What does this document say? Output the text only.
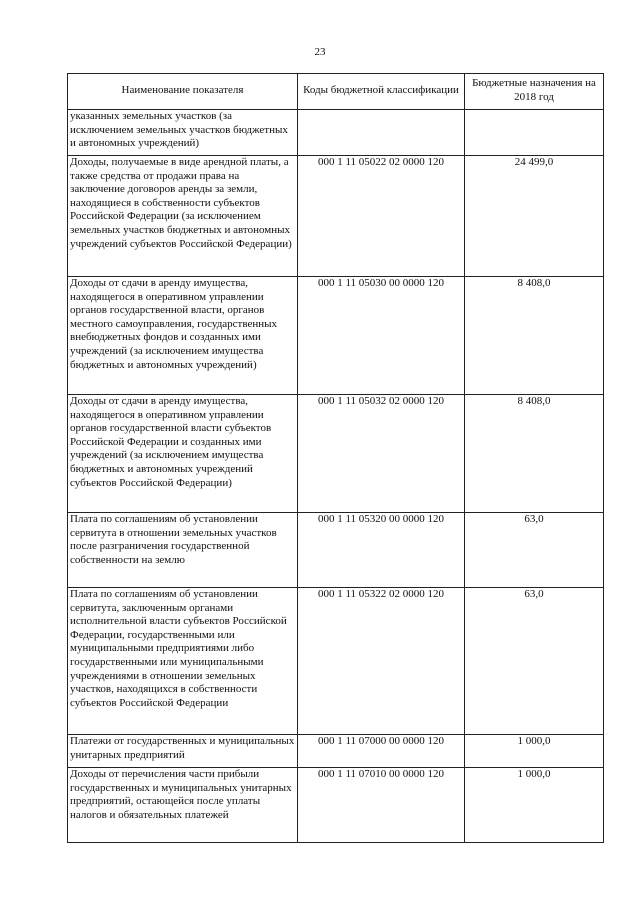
23
Наименование показателя	Коды бюджетной классификации	Бюджетные назначения на 2018 год
указанных земельных участков (за исключением земельных участков бюджетных и автономных учреждений)		
Доходы, получаемые в виде арендной платы, а также средства от продажи права на заключение договоров аренды за земли, находящиеся в собственности субъектов Российской Федерации (за исключением земельных участков бюджетных и автономных учреждений субъектов Российской Федерации)	000 1 11 05022 02 0000 120	24 499,0
Доходы от сдачи в аренду имущества, находящегося в оперативном управлении органов государственной власти, органов местного самоуправления, государственных внебюджетных фондов и созданных ими учреждений (за исключением имущества бюджетных и автономных учреждений)	000 1 11 05030 00 0000 120	8 408,0
Доходы от сдачи в аренду имущества, находящегося в оперативном управлении органов государственной власти субъектов Российской Федерации и созданных ими учреждений (за исключением имущества бюджетных и автономных учреждений субъектов Российской Федерации)	000 1 11 05032 02 0000 120	8 408,0
Плата по соглашениям об установлении сервитута в отношении земельных участков после разграничения государственной собственности на землю	000 1 11 05320 00 0000 120	63,0
Плата по соглашениям об установлении сервитута, заключенным органами исполнительной власти субъектов Российской Федерации, государственными или муниципальными предприятиями либо государственными или муниципальными учреждениями в отношении земельных участков, находящихся в собственности субъектов Российской Федерации	000 1 11 05322 02 0000 120	63,0
Платежи от государственных и муниципальных унитарных предприятий	000 1 11 07000 00 0000 120	1 000,0
Доходы от перечисления части прибыли государственных и муниципальных унитарных предприятий, остающейся после уплаты налогов и обязательных платежей	000 1 11 07010 00 0000 120	1 000,0
